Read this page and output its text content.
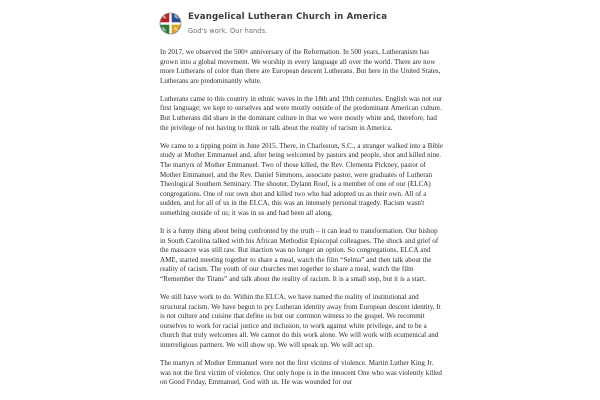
Evangelical Lutheran Church in America
God's work. Our hands.

In 2017, we observed the 500th anniversary of the Reformation. In 500 years, Lutheranism has grown into a global movement. We worship in every language all over the world. There are now more Lutherans of color than there are European descent Lutherans. But here in the United States, Lutherans are predominantly white.

Lutherans came to this country in ethnic waves in the 18th and 19th centuries. English was not our first language; we kept to ourselves and were mostly outside of the predominant American culture. But Lutherans did share in the dominant culture in that we were mostly white and, therefore, had the privilege of not having to think or talk about the reality of racism in America.

We came to a tipping point in June 2015. There, in Charleston, S.C., a stranger walked into a Bible study at Mother Emmanuel and, after being welcomed by pastors and people, shot and killed nine. The martyrs of Mother Emmanuel. Two of those killed, the Rev. Clementa Pickney, pastor of Mother Emmanuel, and the Rev. Daniel Simmons, associate pastor, were graduates of Lutheran Theological Southern Seminary. The shooter, Dylann Roof, is a member of one of our (ELCA) congregations. One of our own shot and killed two who had adopted us as their own. All of a sudden, and for all of us in the ELCA, this was an intensely personal tragedy. Racism wasn't something outside of us; it was in us and had been all along.

It is a funny thing about being confronted by the truth – it can lead to transformation. Our bishop in South Carolina talked with his African Methodist Episcopal colleagues. The shock and grief of the massacre was still raw. But inaction was no longer an option. So congregations, ELCA and AME, started meeting together to share a meal, watch the film “Selma” and then talk about the reality of racism. The youth of our churches met together to share a meal, watch the film “Remember the Titans” and talk about the reality of racism. It is a small step, but it is a start.

We still have work to do. Within the ELCA, we have named the reality of institutional and structural racism. We have begun to pry Lutheran identity away from European descent identity. It is not culture and cuisine that define us but our common witness to the gospel. We recommit ourselves to work for racial justice and inclusion, to work against white privilege, and to be a church that truly welcomes all. We cannot do this work alone. We will work with ecumenical and interreligious partners. We will show up. We will speak up. We will act up.

The martyrs of Mother Emmanuel were not the first victims of violence. Martin Luther King Jr. was not the first victim of violence. Our only hope is in the innocent One who was violently killed on Good Friday, Emmanuel, God with us. He was wounded for our
